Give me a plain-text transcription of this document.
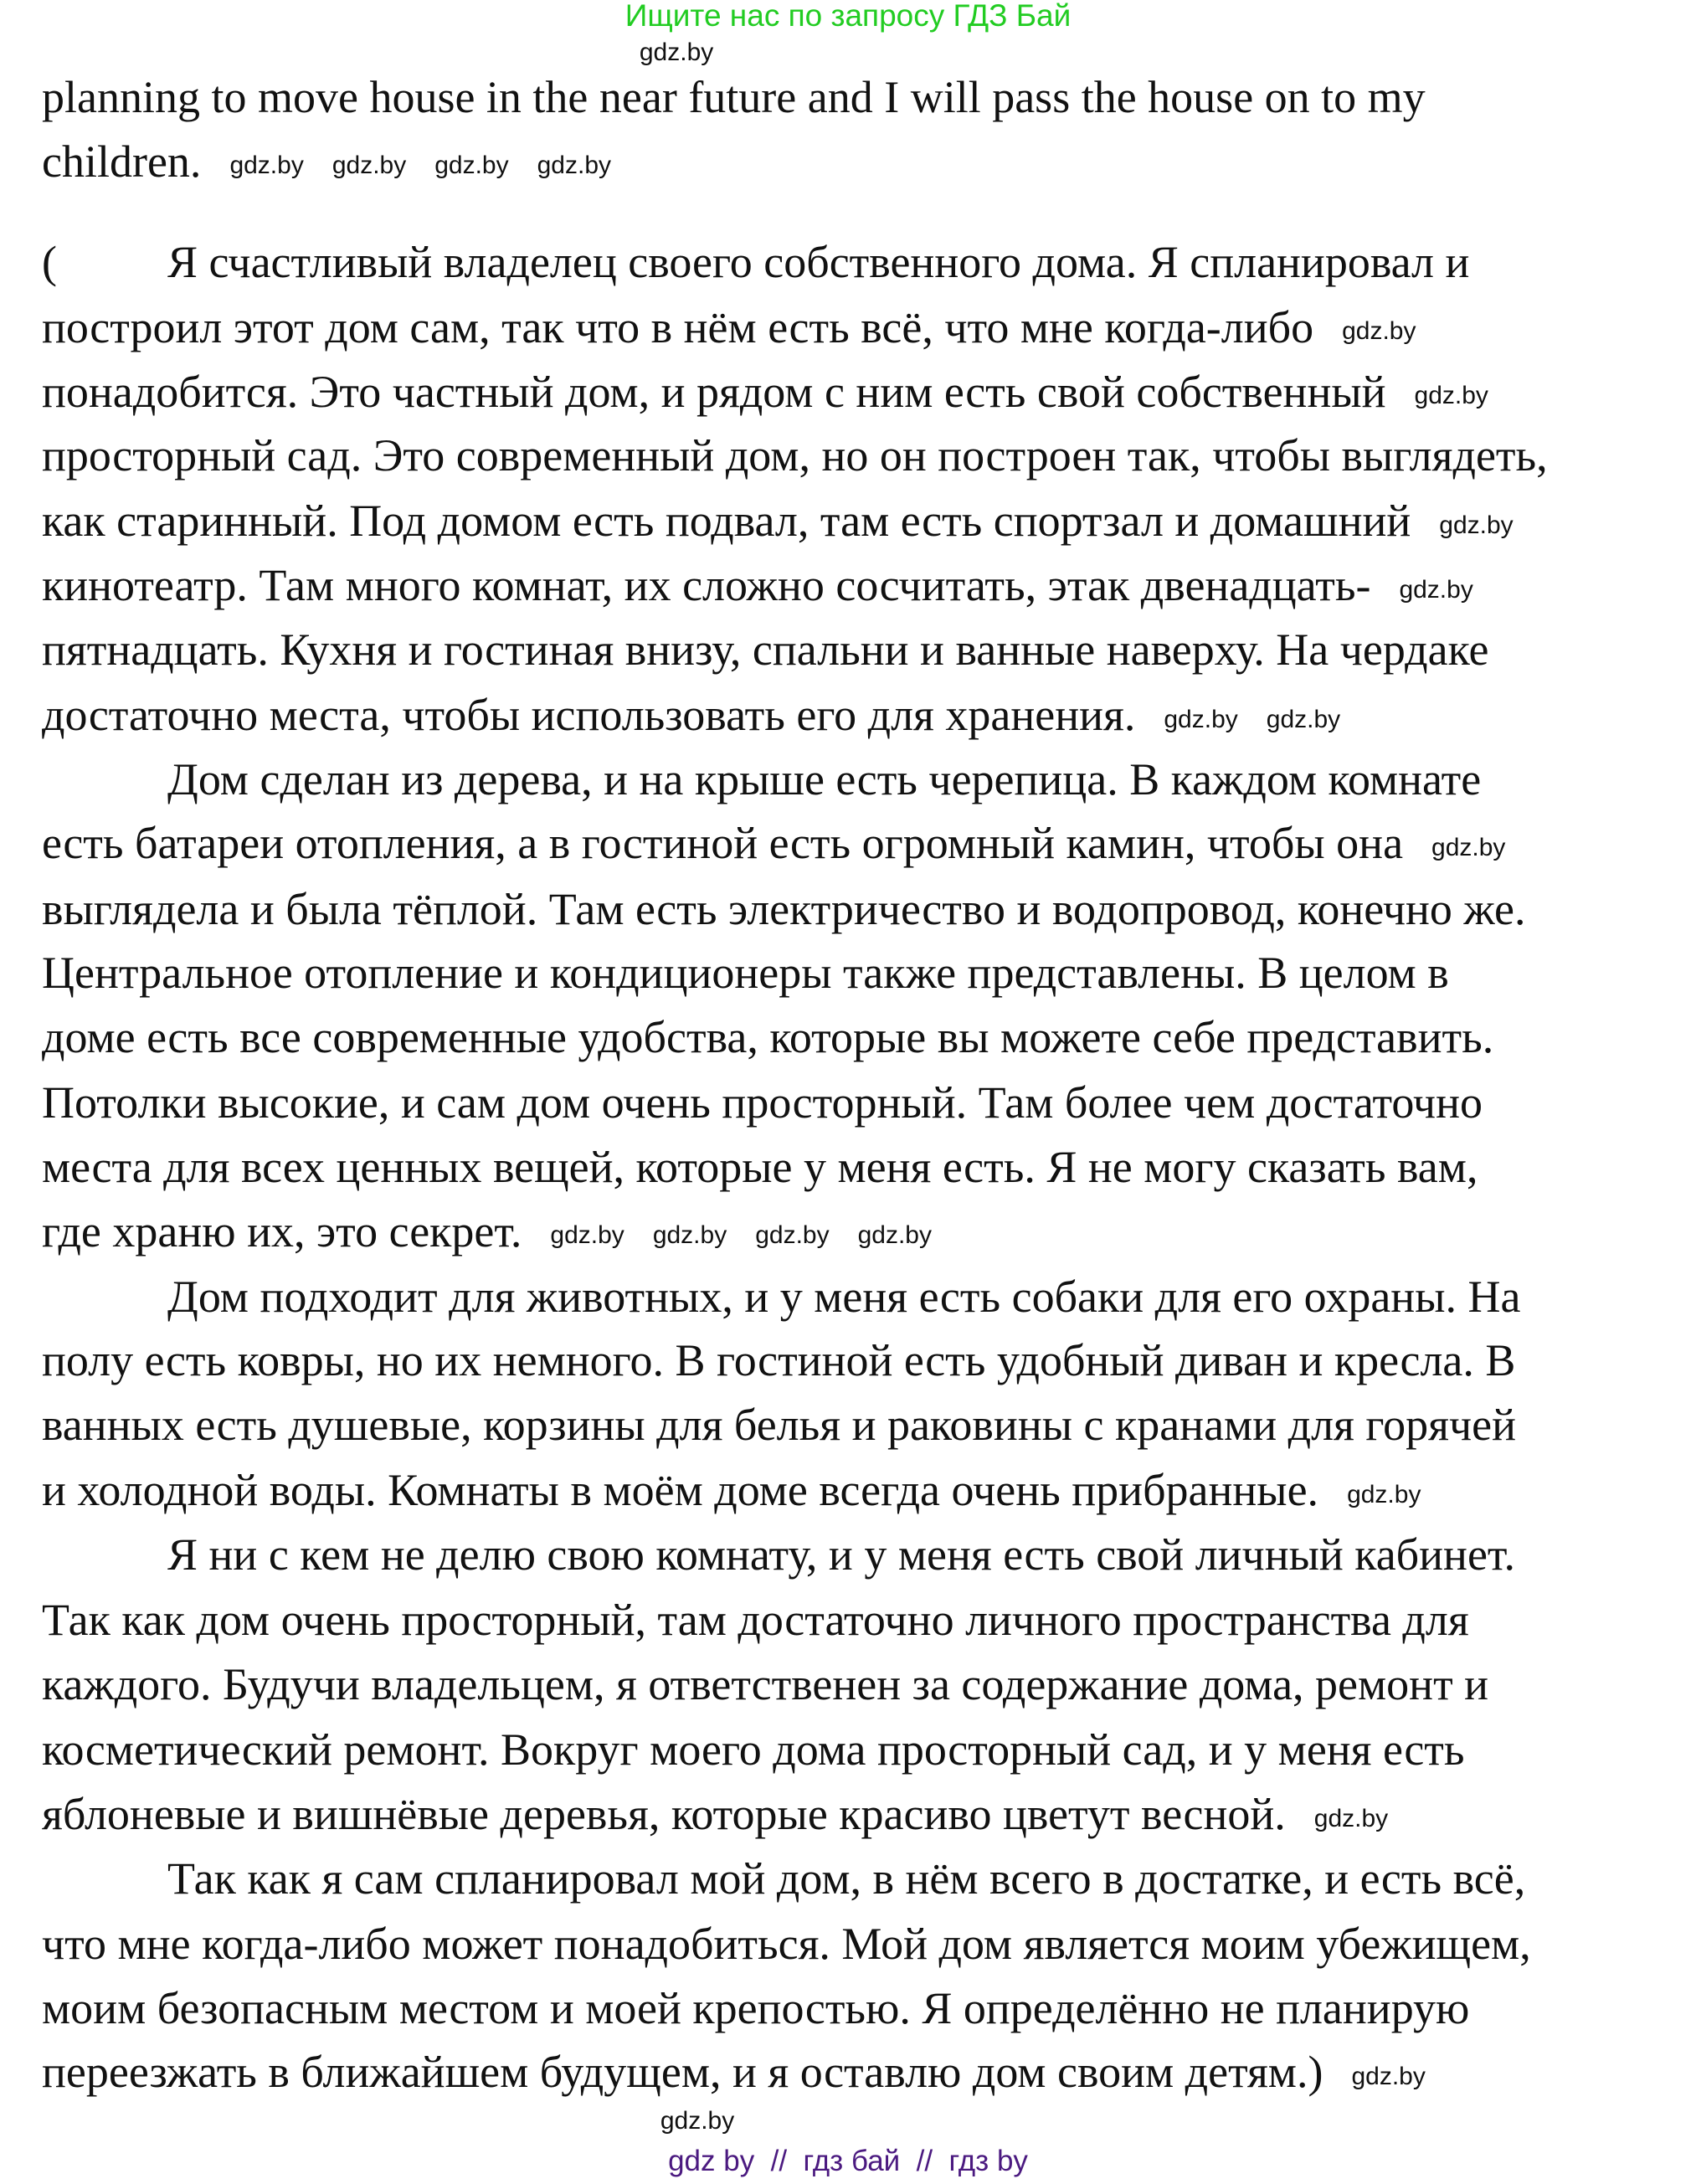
Ищите нас по запросу ГДЗ Бай
planning to move house in the near future and I will pass the house on to my
children. gdz.by gdz.by gdz.by gdz.by
( Я счастливый владелец своего собственного дома. Я спланировал и
построил этот дом сам, так что в нём есть всё, что мне когда-либо gdz.by
понадобится. Это частный дом, и рядом с ним есть свой собственный gdz.by
просторный сад. Это современный дом, но он построен так, чтобы выглядеть,
как старинный. Под домом есть подвал, там есть спортзал и домашний gdz.by
кинотеатр. Там много комнат, их сложно сосчитать, этак двенадцать- gdz.by
пятнадцать. Кухня и гостиная внизу, спальни и ванные наверху. На чердаке
достаточно места, чтобы использовать его для хранения. gdz.by gdz.by
Дом сделан из дерева, и на крыше есть черепица. В каждом комнате
есть батареи отопления, а в гостиной есть огромный камин, чтобы она gdz.by
выглядела и была тёплой. Там есть электричество и водопровод, конечно же.
Центральное отопление и кондиционеры также представлены. В целом в
доме есть все современные удобства, которые вы можете себе представить.
Потолки высокие, и сам дом очень просторный. Там более чем достаточно
места для всех ценных вещей, которые у меня есть. Я не могу сказать вам,
где храню их, это секрет. gdz.by gdz.by gdz.by gdz.by
Дом подходит для животных, и у меня есть собаки для его охраны. На
полу есть ковры, но их немного. В гостиной есть удобный диван и кресла. В
ванных есть душевые, корзины для белья и раковины с кранами для горячей
и холодной воды. Комнаты в моём доме всегда очень прибранные. gdz.by
Я ни с кем не делю свою комнату, и у меня есть свой личный кабинет.
Так как дом очень просторный, там достаточно личного пространства для
каждого. Будучи владельцем, я ответственен за содержание дома, ремонт и
косметический ремонт. Вокруг моего дома просторный сад, и у меня есть
яблоневые и вишнёвые деревья, которые красиво цветут весной. gdz.by
Так как я сам спланировал мой дом, в нём всего в достатке, и есть всё,
что мне когда-либо может понадобиться. Мой дом является моим убежищем,
моим безопасным местом и моей крепостью. Я определённо не планирую
переезжать в ближайшем будущем, и я оставлю дом своим детям.) gdz.by
gdz.by
gdz.by
gdz by  //  гдз бай  //  гдз by
